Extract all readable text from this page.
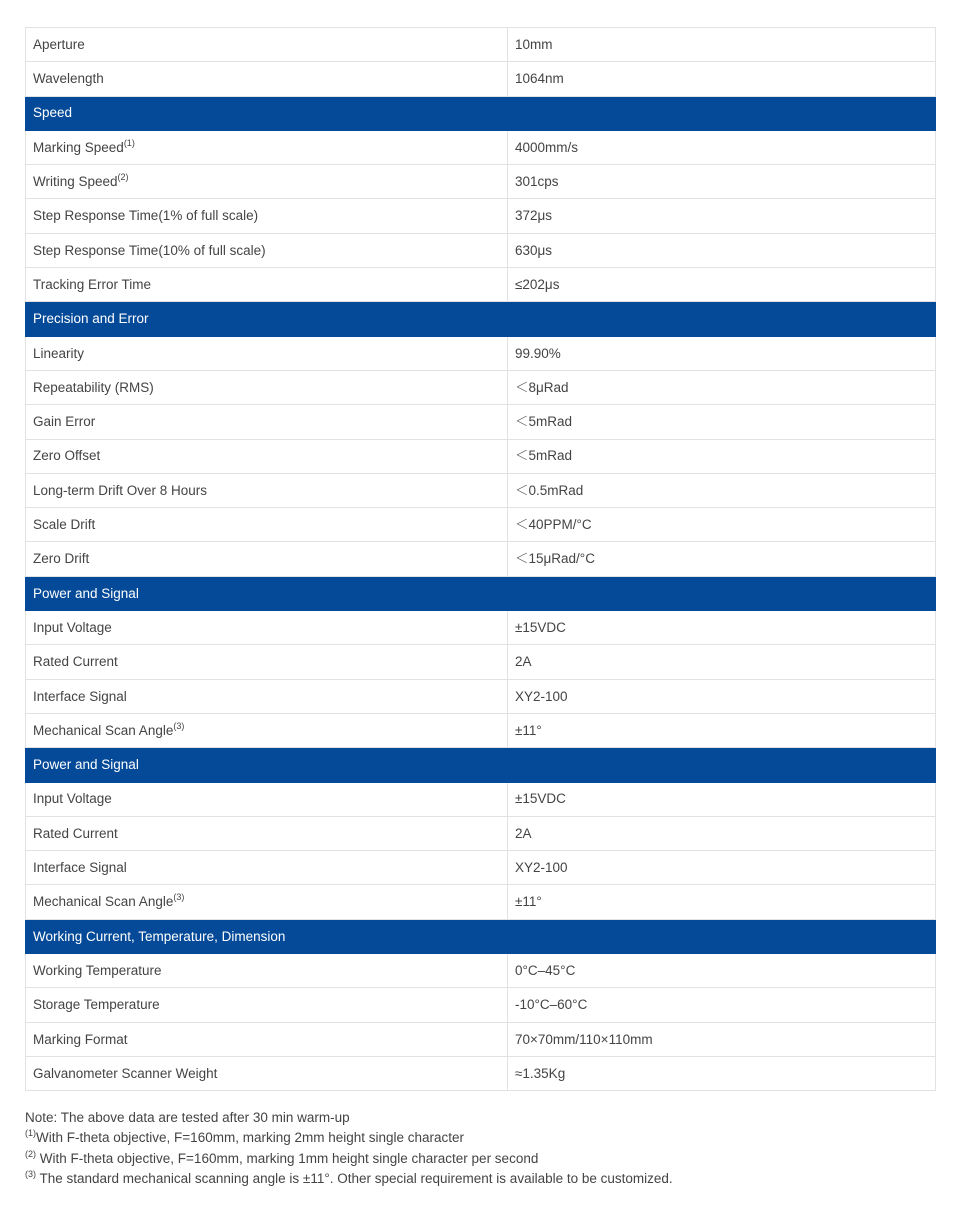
Aperture	10mm
Wavelength	1064nm
Speed	
Marking Speed$^{(1)}$	4000mm/s
Writing Speed$^{(2)}$	301cps
Step Response Time(1% of full scale)	372μs
Step Response Time(10% of full scale)	630μs
Tracking Error Time	≤202μs
Precision and Error	
Linearity	99.90%
Repeatability (RMS)	＜8μRad
Gain Error	＜5mRad
Zero Offset	＜5mRad
Long-term Drift Over 8 Hours	＜0.5mRad
Scale Drift	＜40PPM/°C
Zero Drift	＜15μRad/°C
Power and Signal	
Input Voltage	±15VDC
Rated Current	2A
Interface Signal	XY2-100
Mechanical Scan Angle$^{(3)}$	±11°
Power and Signal	
Input Voltage	±15VDC
Rated Current	2A
Interface Signal	XY2-100
Mechanical Scan Angle$^{(3)}$	±11°
Working Current, Temperature, Dimension	
Working Temperature	0°C–45°C
Storage Temperature	-10°C–60°C
Marking Format	70×70mm/110×110mm
Galvanometer Scanner Weight	≈1.35Kg
Note: The above data are tested after 30 min warm-up
$^{(1)}$With F-theta objective, F=160mm, marking 2mm height single character
$^{(2)}$ With F-theta objective, F=160mm, marking 1mm height single character per second
$^{(3)}$ The standard mechanical scanning angle is ±11°. Other special requirement is available to be customized.
